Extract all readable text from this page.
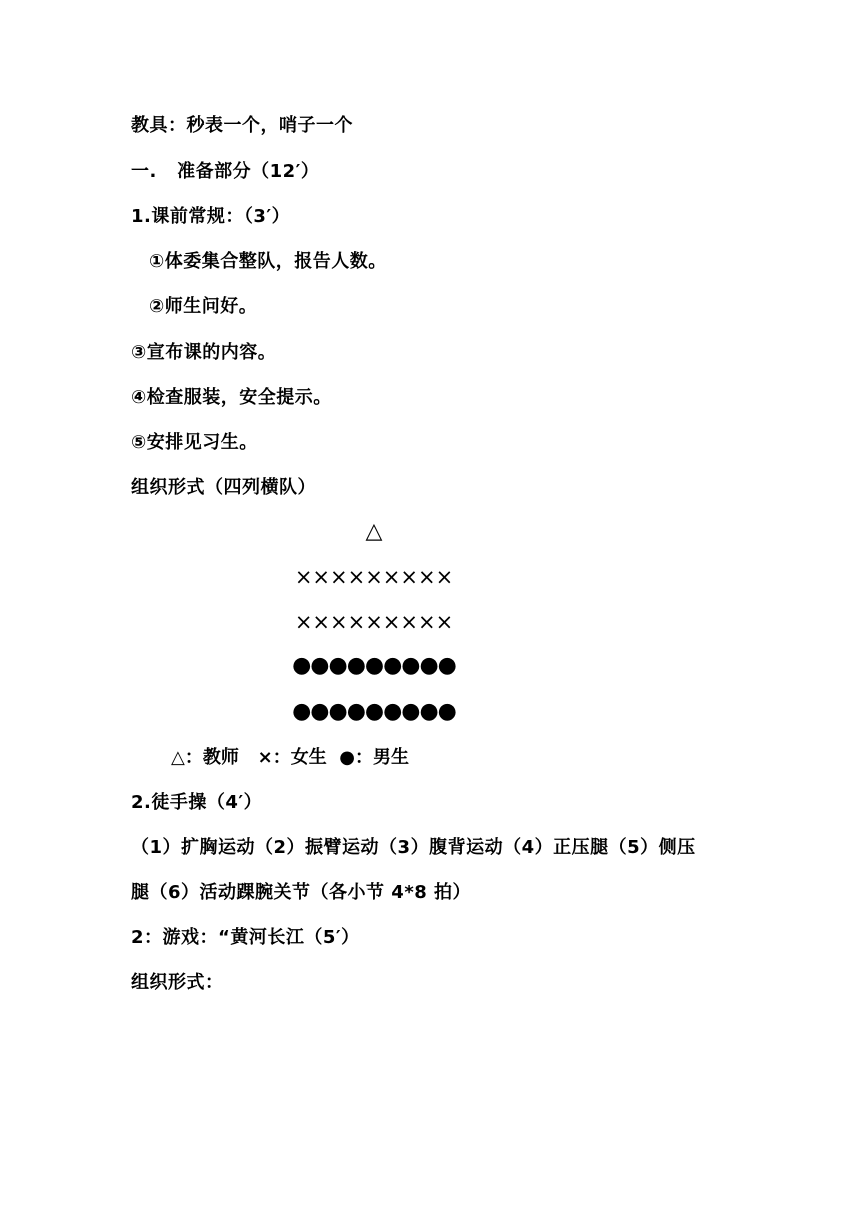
教具：秒表一个，哨子一个
一.   准备部分（12′）
1.课前常规：（3′）
①体委集合整队，报告人数。
②师生问好。
③宣布课的内容。
④检查服装，安全提示。
⑤安排见习生。
组织形式（四列横队）
△
×××××××××
×××××××××
●●●●●●●●●
●●●●●●●●●
△：教师   ×：女生  ●：男生
2.徒手操（4′）
（1）扩胸运动（2）振臂运动（3）腹背运动（4）正压腿（5）侧压
腿（6）活动踝腕关节（各小节 4*8 拍）
2：游戏：“黄河长江（5′）
组织形式：
